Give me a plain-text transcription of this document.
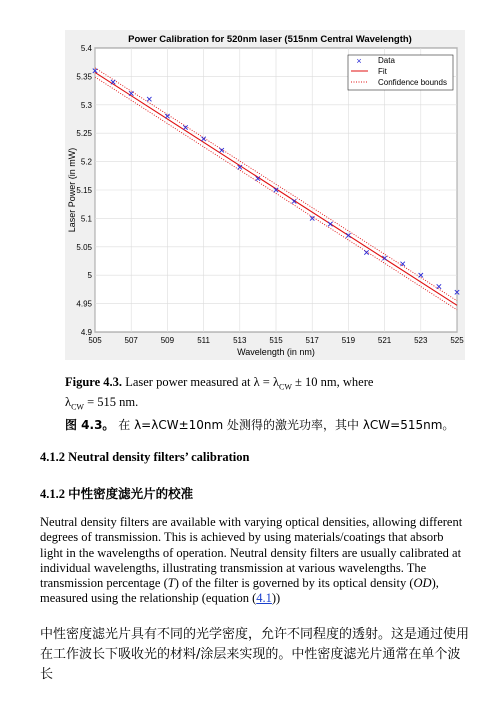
Power Calibration for 520nm laser (515nm Central Wavelength)
505	507	509	511	513	515	517	519	521	523	525
4.9
4.95
5
5.05
5.1
5.15
5.2
5.25
5.3
5.35
5.4
Wavelength (in nm)
Laser Power (in mW)
× Data
Fit
Confidence bounds
Figure 4.3. Laser power measured at $\lambda = \lambda_{CW} \pm 10$ nm, where
$\lambda_{CW} = 515$ nm.
图 4.3。 在 λ=λCW±10nm 处测得的激光功率，其中 λCW=515nm。
4.1.2 Neutral density filters’ calibration
4.1.2 中性密度滤光片的校准
Neutral density filters are available with varying optical densities, allowing different degrees of transmission. This is achieved by using materials/coatings that absorb light in the wavelengths of operation. Neutral density filters are usually calibrated at individual wavelengths, illustrating transmission at various wavelengths. The transmission percentage (T) of the filter is governed by its optical density (OD), measured using the relationship (equation (4.1))
中性密度滤光片具有不同的光学密度，允许不同程度的透射。这是通过使用在工作波长下吸收光的材料/涂层来实现的。中性密度滤光片通常在单个波长
